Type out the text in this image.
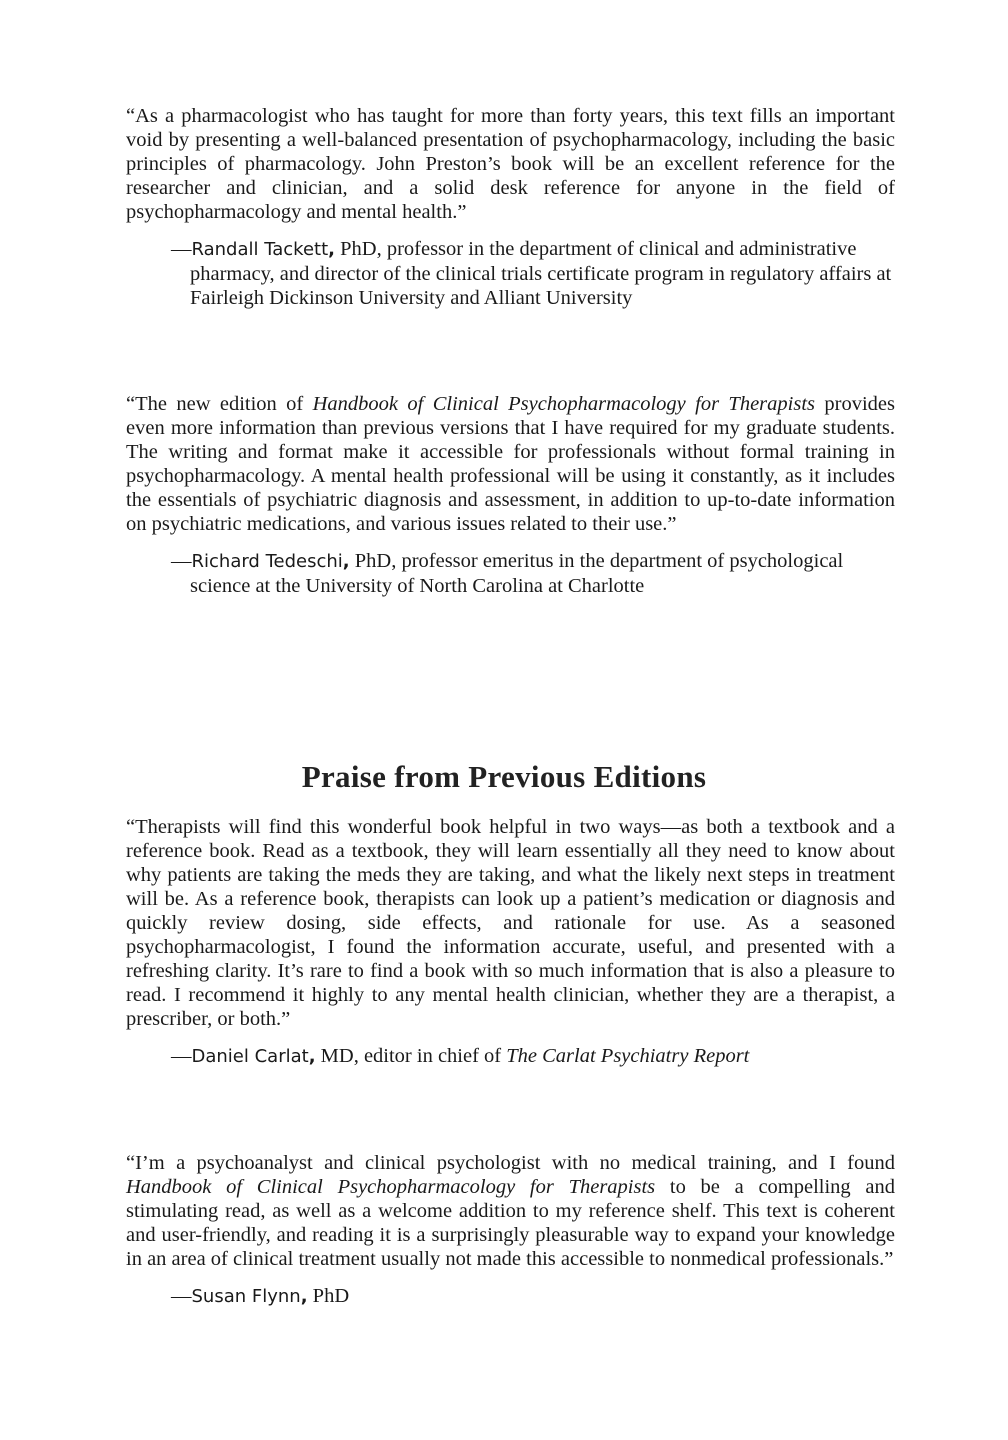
“As a pharmacologist who has taught for more than forty years, this text fills an important void by presenting a well-balanced presentation of psychopharmacology, including the basic principles of pharmacology. John Preston’s book will be an excellent reference for the researcher and clinician, and a solid desk reference for anyone in the field of psychopharmacology and mental health.”

—Randall Tackett, PhD, professor in the department of clinical and administrative pharmacy, and director of the clinical trials certificate program in regulatory affairs at Fairleigh Dickinson University and Alliant University

“The new edition of Handbook of Clinical Psychopharmacology for Therapists provides even more information than previous versions that I have required for my graduate students. The writing and format make it accessible for professionals without formal training in psychopharmacology. A mental health professional will be using it constantly, as it includes the essentials of psychiatric diagnosis and assessment, in addition to up-to-date information on psychiatric medications, and various issues related to their use.”

—Richard Tedeschi, PhD, professor emeritus in the department of psychological science at the University of North Carolina at Charlotte

Praise from Previous Editions

“Therapists will find this wonderful book helpful in two ways—as both a textbook and a reference book. Read as a textbook, they will learn essentially all they need to know about why patients are taking the meds they are taking, and what the likely next steps in treatment will be. As a reference book, therapists can look up a patient’s medication or diagnosis and quickly review dosing, side effects, and rationale for use. As a seasoned psychopharmacologist, I found the information accurate, useful, and presented with a refreshing clarity. It’s rare to find a book with so much information that is also a pleasure to read. I recommend it highly to any mental health clinician, whether they are a therapist, a prescriber, or both.”

—Daniel Carlat, MD, editor in chief of The Carlat Psychiatry Report

“I’m a psychoanalyst and clinical psychologist with no medical training, and I found Handbook of Clinical Psychopharmacology for Therapists to be a compelling and stimulating read, as well as a welcome addition to my reference shelf. This text is coherent and user-friendly, and reading it is a surprisingly pleasurable way to expand your knowledge in an area of clinical treatment usually not made this accessible to nonmedical professionals.”

—Susan Flynn, PhD
